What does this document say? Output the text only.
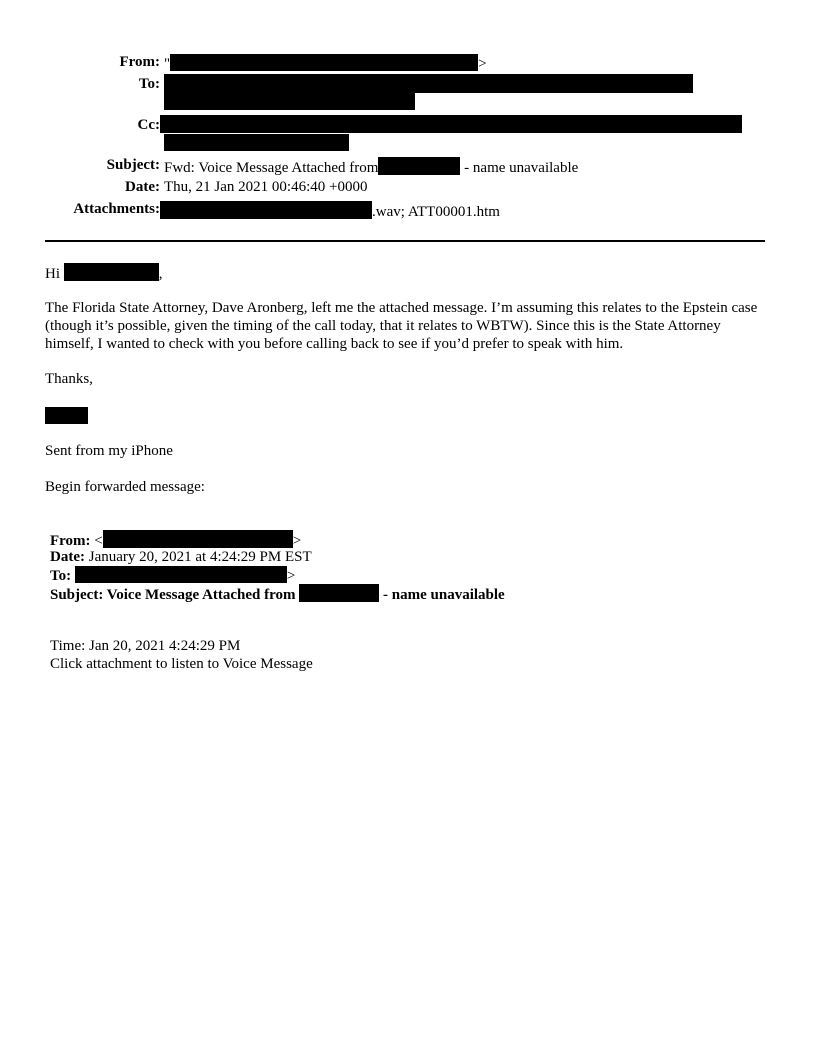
From: "	>
To:
Cc:
Subject: Fwd: Voice Message Attached from	- name unavailable
Date: Thu, 21 Jan 2021 00:46:40 +0000
Attachments:	.wav; ATT00001.htm
Hi	,
The Florida State Attorney, Dave Aronberg, left me the attached message. I’m assuming this relates to the Epstein case (though it’s possible, given the timing of the call today, that it relates to WBTW). Since this is the State Attorney himself, I wanted to check with you before calling back to see if you’d prefer to speak with him.
Thanks,
Sent from my iPhone
Begin forwarded message:
From: <	>
Date: January 20, 2021 at 4:24:29 PM EST
To:	>
Subject: Voice Message Attached from	- name unavailable
Time: Jan 20, 2021 4:24:29 PM
Click attachment to listen to Voice Message
